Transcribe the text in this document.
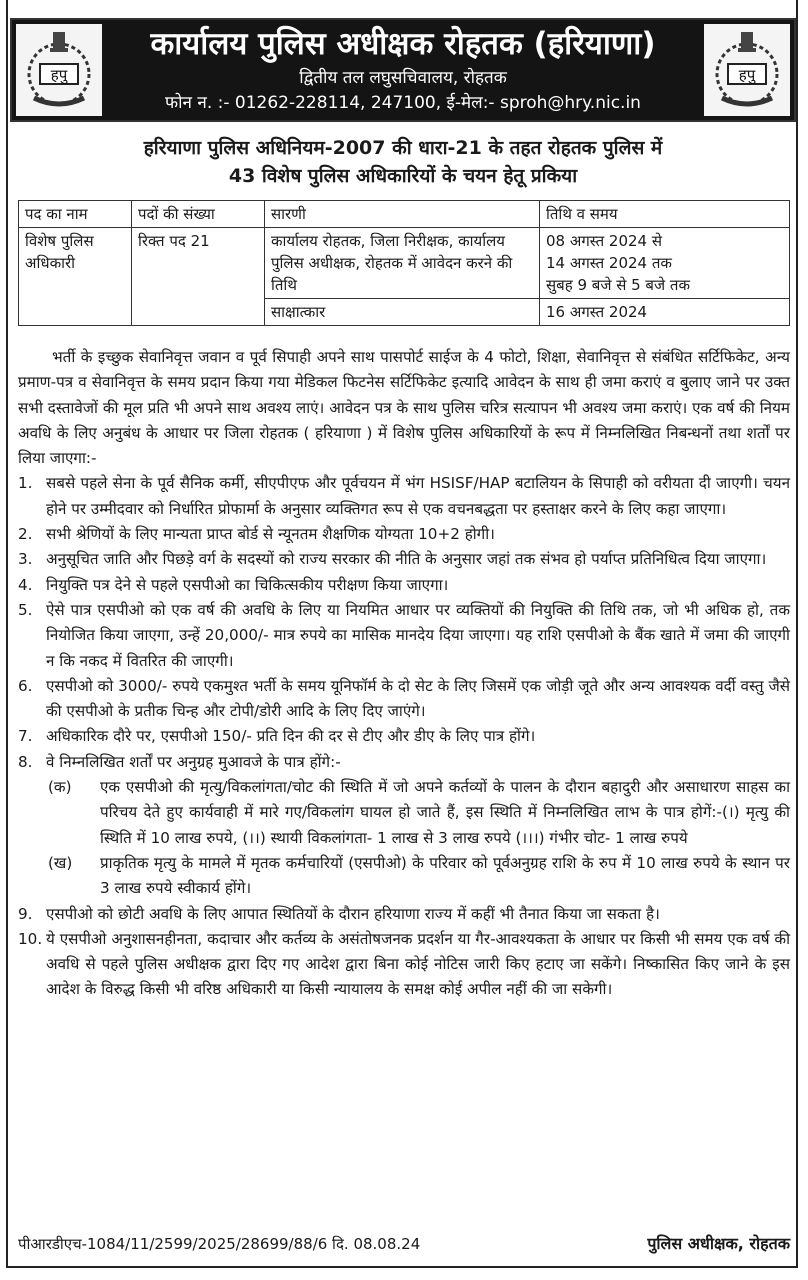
हपु
कार्यालय पुलिस अधीक्षक रोहतक (हरियाणा)
द्वितीय तल लघुसचिवालय, रोहतक
फोन न. :- 01262-228114, 247100, ई-मेल:- sproh@hry.nic.in
हपु
हरियाणा पुलिस अधिनियम-2007 की धारा-21 के तहत रोहतक पुलिस में
43 विशेष पुलिस अधिकारियों के चयन हेतू प्रकिया
पद का नाम	पदों की संख्या	सारणी	तिथि व समय
विशेष पुलिस अधिकारी	रिक्त पद 21	कार्यालय रोहतक, जिला निरीक्षक, कार्यालय पुलिस अधीक्षक, रोहतक में आवेदन करने की तिथि	08 अगस्त 2024 से
14 अगस्त 2024 तक
सुबह 9 बजे से 5 बजे तक

		साक्षात्कार	16 अगस्त 2024

भर्ती के इच्छुक सेवानिवृत्त जवान व पूर्व सिपाही अपने साथ पासपोर्ट साईज के 4 फोटो, शिक्षा, सेवानिवृत्त से संबंधित सर्टिफिकेट, अन्य प्रमाण-पत्र व सेवानिवृत्त के समय प्रदान किया गया मेडिकल फिटनेस सर्टिफिकेट इत्यादि आवेदन के साथ ही जमा कराएं व बुलाए जाने पर उक्त सभी दस्तावेजों की मूल प्रति भी अपने साथ अवश्य लाएं। आवेदन पत्र के साथ पुलिस चरित्र सत्यापन भी अवश्य जमा कराएं। एक वर्ष की नियम अवधि के लिए अनुबंध के आधार पर जिला रोहतक ( हरियाणा ) में विशेष पुलिस अधिकारियों के रूप में निम्नलिखित निबन्धनों तथा शर्तों पर लिया जाएगा:-

1. सबसे पहले सेना के पूर्व सैनिक कर्मी, सीएपीएफ और पूर्वचयन में भंग HSISF/HAP बटालियन के सिपाही को वरीयता दी जाएगी। चयन होने पर उम्मीदवार को निर्धारित प्रोफार्मा के अनुसार व्यक्तिगत रूप से एक वचनबद्धता पर हस्ताक्षर करने के लिए कहा जाएगा।
2. सभी श्रेणियों के लिए मान्यता प्राप्त बोर्ड से न्यूनतम शैक्षणिक योग्यता 10+2 होगी।
3. अनुसूचित जाति और पिछड़े वर्ग के सदस्यों को राज्य सरकार की नीति के अनुसार जहां तक संभव हो पर्याप्त प्रतिनिधित्व दिया जाएगा।
4. नियुक्ति पत्र देने से पहले एसपीओ का चिकित्सकीय परीक्षण किया जाएगा।
5. ऐसे पात्र एसपीओ को एक वर्ष की अवधि के लिए या नियमित आधार पर व्यक्तियों की नियुक्ति की तिथि तक, जो भी अधिक हो, तक नियोजित किया जाएगा, उन्हें 20,000/- मात्र रुपये का मासिक मानदेय दिया जाएगा। यह राशि एसपीओ के बैंक खाते में जमा की जाएगी न कि नकद में वितरित की जाएगी।
6. एसपीओ को 3000/- रुपये एकमुश्त भर्ती के समय यूनिफॉर्म के दो सेट के लिए जिसमें एक जोड़ी जूते और अन्य आवश्यक वर्दी वस्तु जैसे की एसपीओ के प्रतीक चिन्ह और टोपी/डोरी आदि के लिए दिए जाएंगे।
7. अधिकारिक दौरे पर, एसपीओ 150/- प्रति दिन की दर से टीए और डीए के लिए पात्र होंगे।
8. वे निम्नलिखित शर्तों पर अनुग्रह मुआवजे के पात्र होंगे:-
(क)	एक एसपीओ की मृत्यु/विकलांगता/चोट की स्थिति में जो अपने कर्तव्यों के पालन के दौरान बहादुरी और असाधारण साहस का परिचय देते हुए कार्यवाही में मारे गए/विकलांग घायल हो जाते हैं, इस स्थिति में निम्नलिखित लाभ के पात्र होगें:-(।) मृत्यु की स्थिति में 10 लाख रुपये, (।।) स्थायी विकलांगता- 1 लाख से 3 लाख रुपये (।।।) गंभीर चोट- 1 लाख रुपये
(ख)	प्राकृतिक मृत्यु के मामले में मृतक कर्मचारियों (एसपीओ) के परिवार को पूर्वअनुग्रह राशि के रुप में 10 लाख रुपये के स्थान पर 3 लाख रुपये स्वीकार्य होंगे।
9. एसपीओ को छोटी अवधि के लिए आपात स्थितियों के दौरान हरियाणा राज्य में कहीं भी तैनात किया जा सकता है।
10. ये एसपीओ अनुशासनहीनता, कदाचार और कर्तव्य के असंतोषजनक प्रदर्शन या गैर-आवश्यकता के आधार पर किसी भी समय एक वर्ष की अवधि से पहले पुलिस अधीक्षक द्वारा दिए गए आदेश द्वारा बिना कोई नोटिस जारी किए हटाए जा सकेंगे। निष्कासित किए जाने के इस आदेश के विरुद्ध किसी भी वरिष्ठ अधिकारी या किसी न्यायालय के समक्ष कोई अपील नहीं की जा सकेगी।
पीआरडीएच-1084/11/2599/2025/28699/88/6 दि. 08.08.24	पुलिस अधीक्षक, रोहतक
